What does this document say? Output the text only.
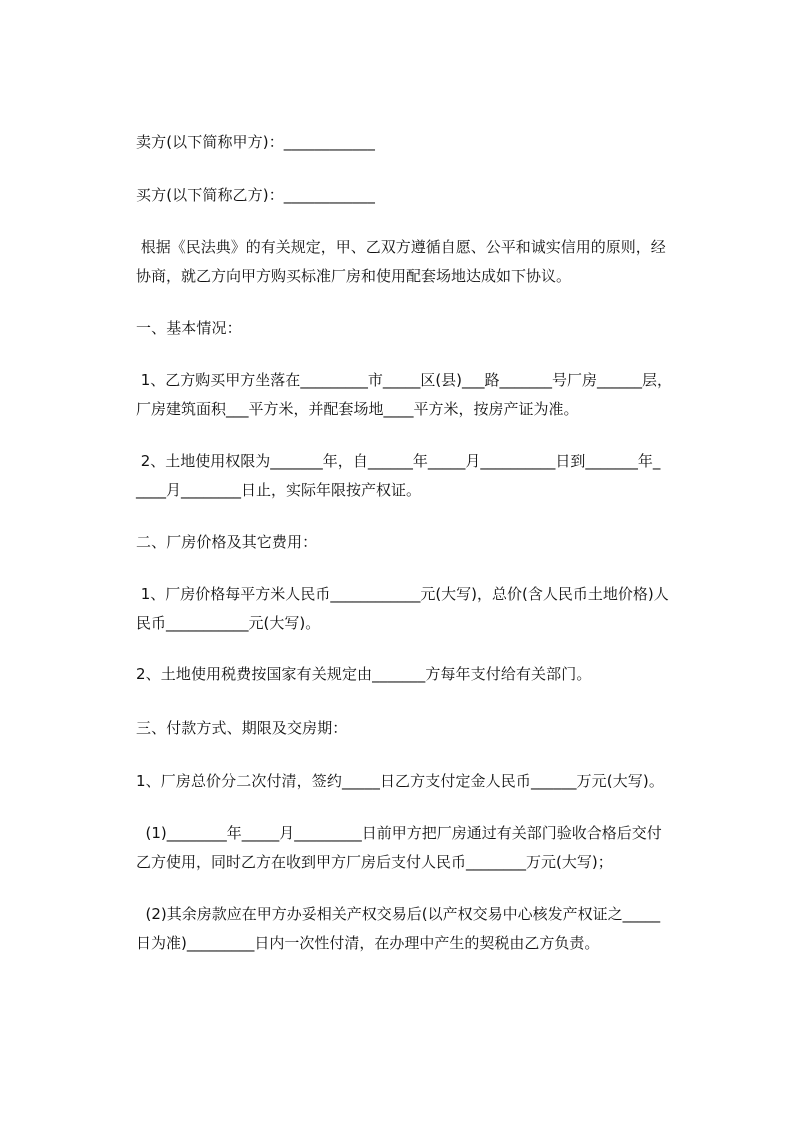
卖方(以下简称甲方)：____________
买方(以下简称乙方)：____________
根据《民法典》的有关规定，甲、乙双方遵循自愿、公平和诚实信用的原则，经
协商，就乙方向甲方购买标准厂房和使用配套场地达成如下协议。
一、基本情况：
1、乙方购买甲方坐落在_________市_____区(县)___路_______号厂房______层，
厂房建筑面积___平方米，并配套场地____平方米，按房产证为准。
2、土地使用权限为_______年，自______年_____月__________日到_______年_
____月________日止，实际年限按产权证。
二、厂房价格及其它费用：
1、厂房价格每平方米人民币____________元(大写)，总价(含人民币土地价格)人
民币___________元(大写)。
2、土地使用税费按国家有关规定由_______方每年支付给有关部门。
三、付款方式、期限及交房期：
1、厂房总价分二次付清，签约_____日乙方支付定金人民币______万元(大写)。
(1)________年_____月_________日前甲方把厂房通过有关部门验收合格后交付
乙方使用，同时乙方在收到甲方厂房后支付人民币________万元(大写)；
(2)其余房款应在甲方办妥相关产权交易后(以产权交易中心核发产权证之_____
日为准)_________日内一次性付清，在办理中产生的契税由乙方负责。
